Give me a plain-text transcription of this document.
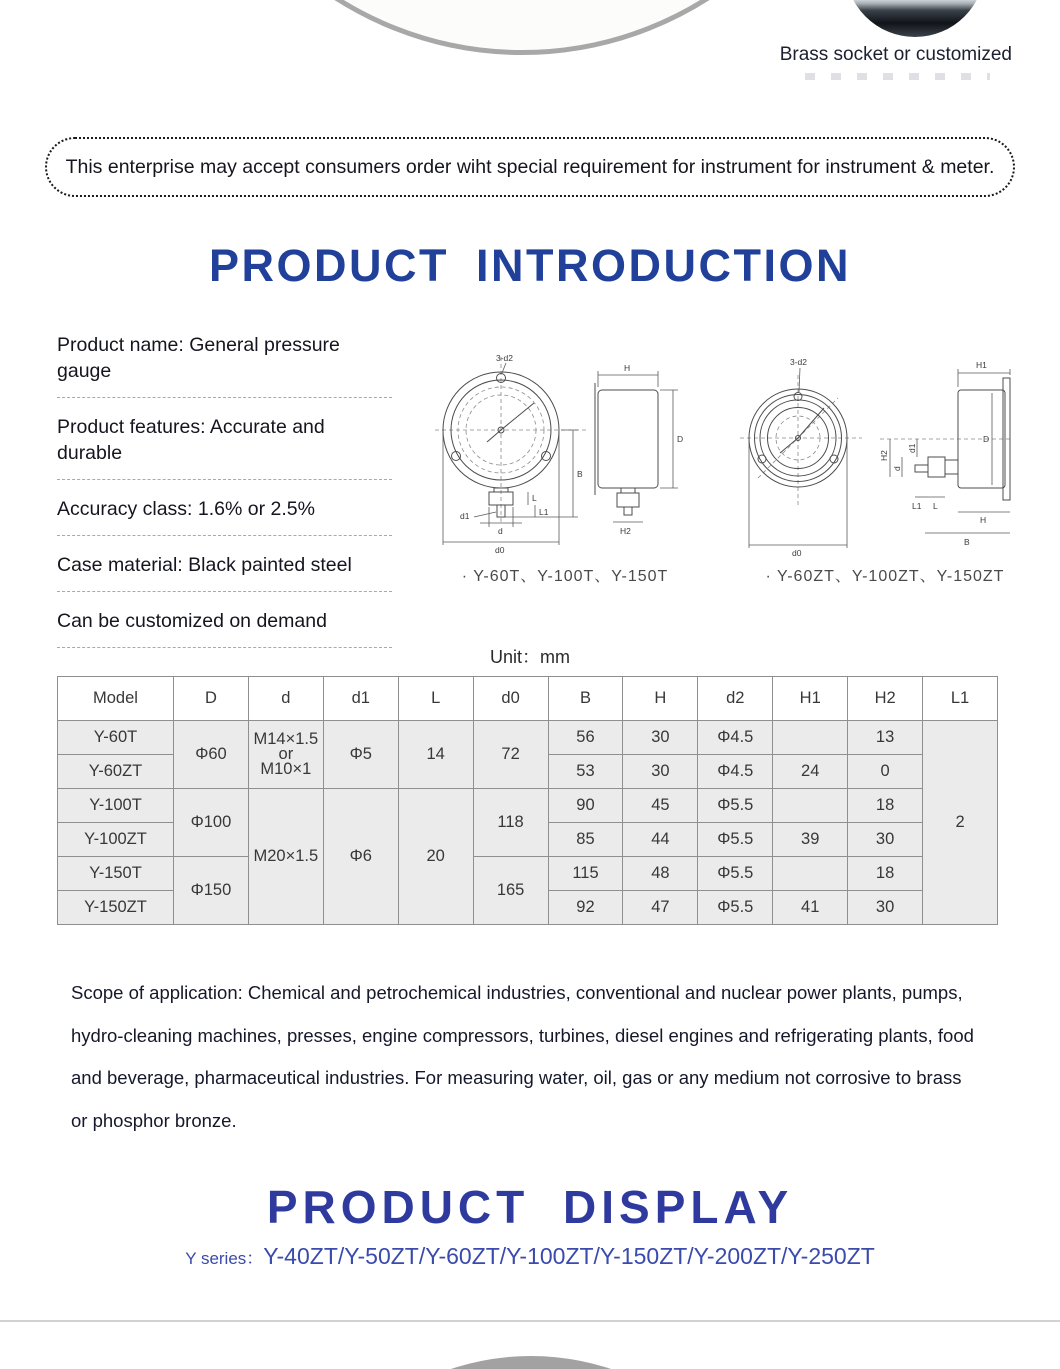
Brass socket or customized
This enterprise may accept consumers order wiht special requirement for instrument for instrument & meter.
PRODUCT INTRODUCTION
Product name: General pressure gauge
Product features: Accurate and durable
Accuracy class: 1.6% or 2.5%
Case material: Black painted steel
Can be customized on demand
3-d2
B
L
L1
d1
d
d0
H
D
H2
· Y-60T、Y-100T、Y-150T
3-d2
d0
H1
D
H2
d1
d
L1 L
H
B
· Y-60ZT、Y-100ZT、Y-150ZT
Unit：mm
Model	D	d	d1	L	d0	B	H	d2	H1	H2	L1
Y-60T	Φ60	M14×1.5
or
M10×1	Φ5	14	72	56	30	Φ4.5		13	2
Y-60ZT						53	30	Φ4.5	24	0	
Y-100T	Φ100	M20×1.5	Φ6	20	118	90	45	Φ5.5		18	
Y-100ZT						85	44	Φ5.5	39	30	
Y-150T	Φ150				165	115	48	Φ5.5		18	
Y-150ZT						92	47	Φ5.5	41	30	
Scope of application: Chemical and petrochemical industries, conventional and nuclear power plants, pumps,
hydro-cleaning machines, presses, engine compressors, turbines, diesel engines and refrigerating plants, food
and beverage, pharmaceutical industries. For measuring water, oil, gas or any medium not corrosive to brass
or phosphor bronze.
PRODUCT DISPLAY
Y series：Y-40ZT/Y-50ZT/Y-60ZT/Y-100ZT/Y-150ZT/Y-200ZT/Y-250ZT
